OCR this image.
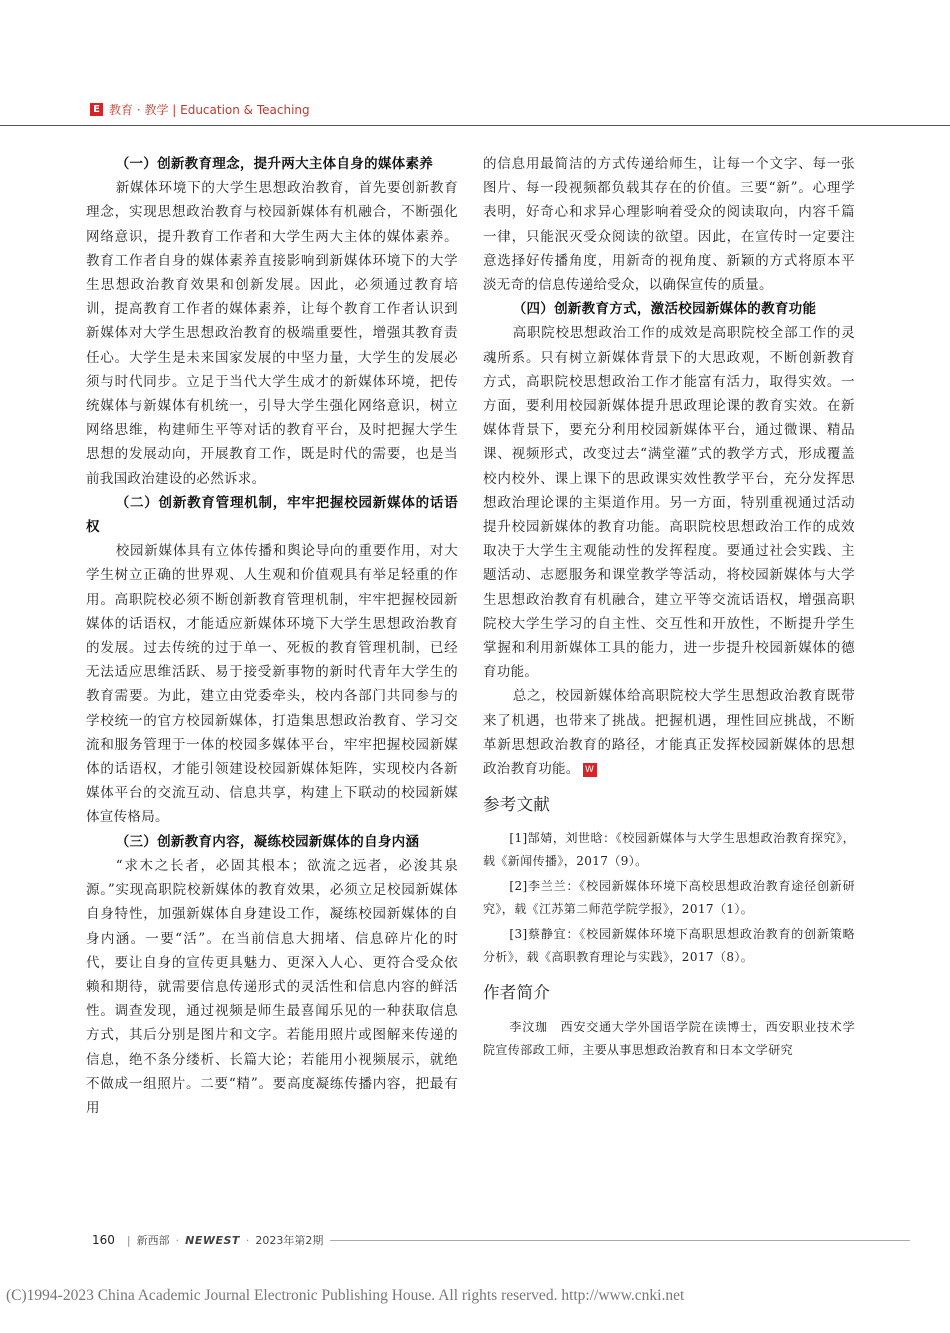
E 教育 · 教学 | Education & Teaching
（一）创新教育理念，提升两大主体自身的媒体素养

新媒体环境下的大学生思想政治教育，首先要创新教育理念，实现思想政治教育与校园新媒体有机融合，不断强化网络意识，提升教育工作者和大学生两大主体的媒体素养。教育工作者自身的媒体素养直接影响到新媒体环境下的大学生思想政治教育效果和创新发展。因此，必须通过教育培训，提高教育工作者的媒体素养，让每个教育工作者认识到新媒体对大学生思想政治教育的极端重要性，增强其教育责任心。大学生是未来国家发展的中坚力量，大学生的发展必须与时代同步。立足于当代大学生成才的新媒体环境，把传统媒体与新媒体有机统一，引导大学生强化网络意识，树立网络思维，构建师生平等对话的教育平台，及时把握大学生思想的发展动向，开展教育工作，既是时代的需要，也是当前我国政治建设的必然诉求。

（二）创新教育管理机制，牢牢把握校园新媒体的话语权

校园新媒体具有立体传播和舆论导向的重要作用，对大学生树立正确的世界观、人生观和价值观具有举足轻重的作用。高职院校必须不断创新教育管理机制，牢牢把握校园新媒体的话语权，才能适应新媒体环境下大学生思想政治教育的发展。过去传统的过于单一、死板的教育管理机制，已经无法适应思维活跃、易于接受新事物的新时代青年大学生的教育需要。为此，建立由党委牵头，校内各部门共同参与的学校统一的官方校园新媒体，打造集思想政治教育、学习交流和服务管理于一体的校园多媒体平台，牢牢把握校园新媒体的话语权，才能引领建设校园新媒体矩阵，实现校内各新媒体平台的交流互动、信息共享，构建上下联动的校园新媒体宣传格局。

（三）创新教育内容，凝练校园新媒体的自身内涵

“求木之长者，必固其根本；欲流之远者，必浚其泉源。”实现高职院校新媒体的教育效果，必须立足校园新媒体自身特性，加强新媒体自身建设工作，凝练校园新媒体的自身内涵。一要“活”。在当前信息大拥堵、信息碎片化的时代，要让自身的宣传更具魅力、更深入人心、更符合受众依赖和期待，就需要信息传递形式的灵活性和信息内容的鲜活性。调查发现，通过视频是师生最喜闻乐见的一种获取信息方式，其后分别是图片和文字。若能用照片或图解来传递的信息，绝不条分缕析、长篇大论；若能用小视频展示，就绝不做成一组照片。二要“精”。要高度凝练传播内容，把最有用

的信息用最简洁的方式传递给师生，让每一个文字、每一张图片、每一段视频都负载其存在的价值。三要“新”。心理学表明，好奇心和求异心理影响着受众的阅读取向，内容千篇一律，只能泯灭受众阅读的欲望。因此，在宣传时一定要注意选择好传播角度，用新奇的视角度、新颖的方式将原本平淡无奇的信息传递给受众，以确保宣传的质量。

（四）创新教育方式，激活校园新媒体的教育功能

高职院校思想政治工作的成效是高职院校全部工作的灵魂所系。只有树立新媒体背景下的大思政观，不断创新教育方式，高职院校思想政治工作才能富有活力，取得实效。一方面，要利用校园新媒体提升思政理论课的教育实效。在新媒体背景下，要充分利用校园新媒体平台，通过微课、精品课、视频形式，改变过去“满堂灌”式的教学方式，形成覆盖校内校外、课上课下的思政课实效性教学平台，充分发挥思想政治理论课的主渠道作用。另一方面，特别重视通过活动提升校园新媒体的教育功能。高职院校思想政治工作的成效取决于大学生主观能动性的发挥程度。要通过社会实践、主题活动、志愿服务和课堂教学等活动，将校园新媒体与大学生思想政治教育有机融合，建立平等交流话语权，增强高职院校大学生学习的自主性、交互性和开放性，不断提升学生掌握和利用新媒体工具的能力，进一步提升校园新媒体的德育功能。

总之，校园新媒体给高职院校大学生思想政治教育既带来了机遇，也带来了挑战。把握机遇，理性回应挑战，不断革新思想政治教育的路径，才能真正发挥校园新媒体的思想政治教育功能。 W

参考文献

[1]郜婧，刘世晗：《校园新媒体与大学生思想政治教育探究》，载《新闻传播》，2017（9）。

[2]李兰兰：《校园新媒体环境下高校思想政治教育途径创新研究》，载《江苏第二师范学院学报》，2017（1）。

[3]蔡静宜：《校园新媒体环境下高职思想政治教育的创新策略分析》，载《高职教育理论与实践》，2017（8）。

作者简介

李汶珈　西安交通大学外国语学院在读博士，西安职业技术学院宣传部政工师，主要从事思想政治教育和日本文学研究

160 | 新西部 · NEWEST · 2023年第2期
(C)1994-2023 China Academic Journal Electronic Publishing House. All rights reserved. http://www.cnki.net
